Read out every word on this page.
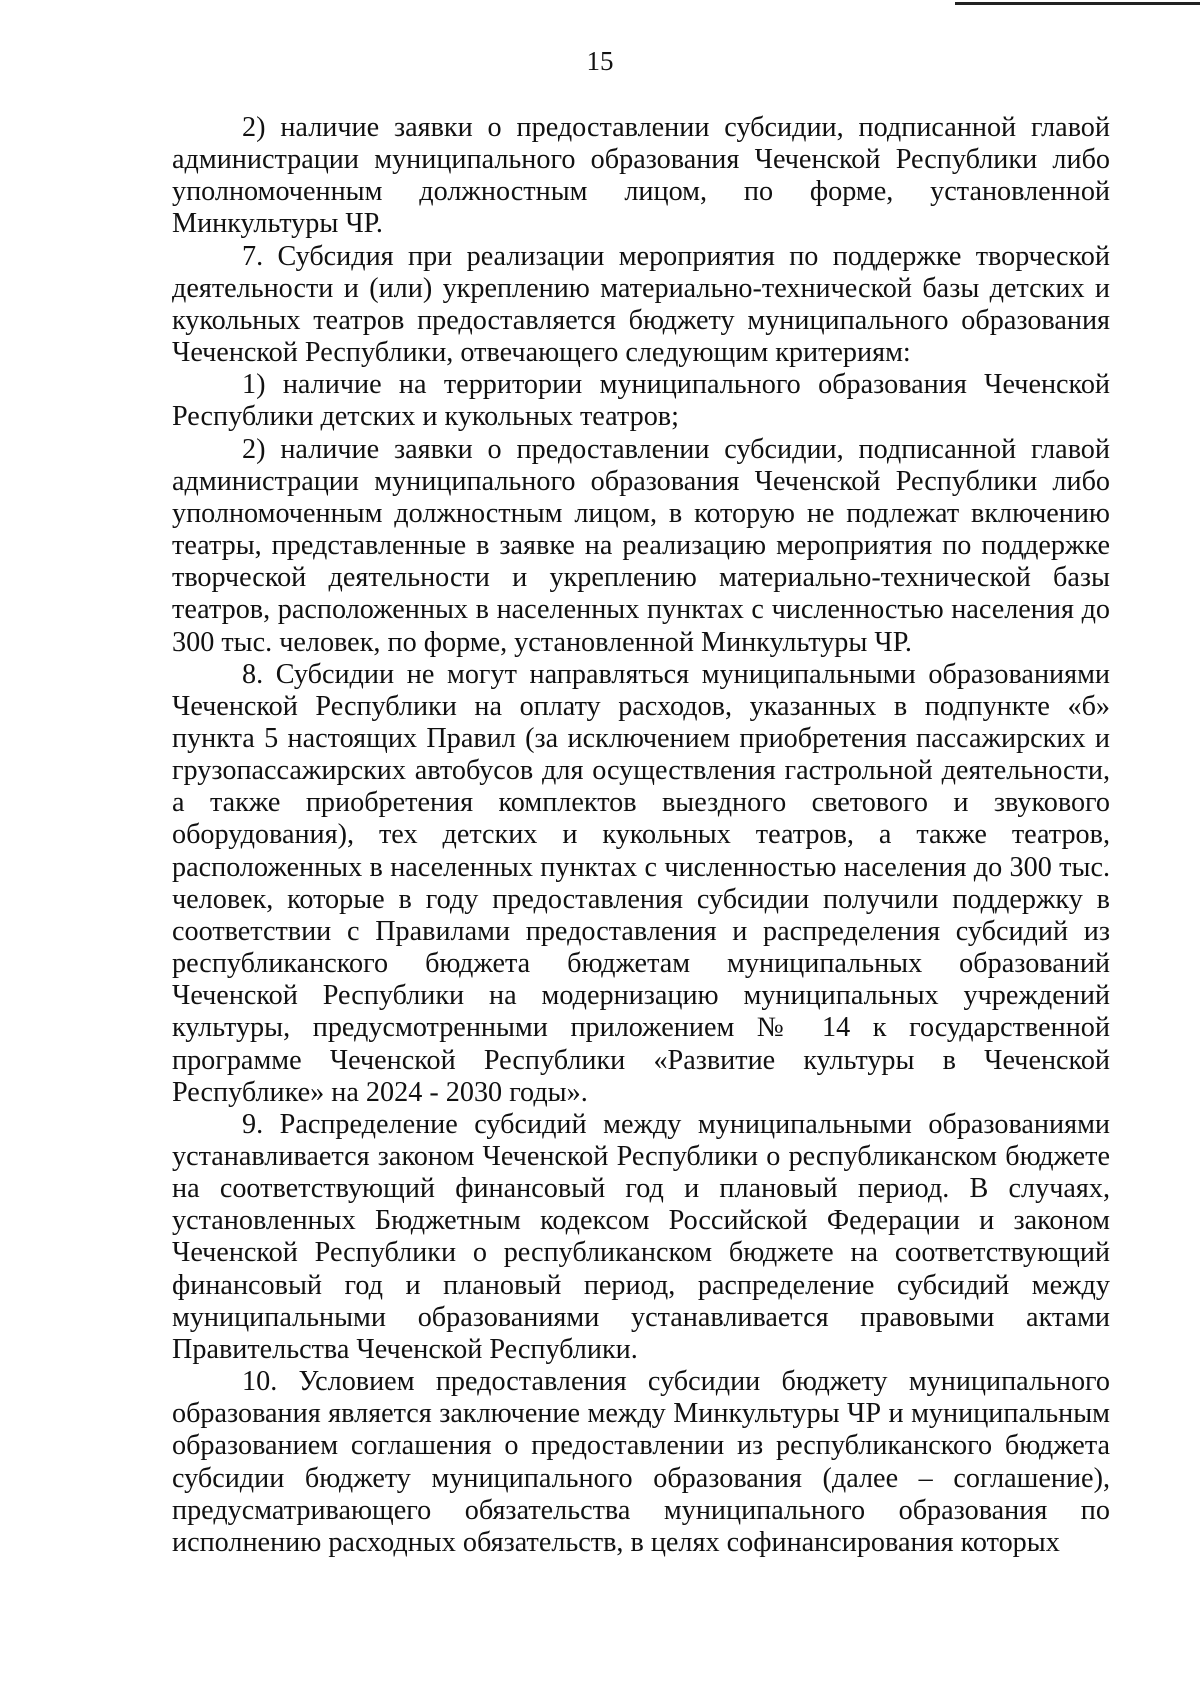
15

2) наличие заявки о предоставлении субсидии, подписанной главой администрации муниципального образования Чеченской Республики либо уполномоченным должностным лицом, по форме, установленной Минкультуры ЧР.

7. Субсидия при реализации мероприятия по поддержке творческой деятельности и (или) укреплению материально-технической базы детских и кукольных театров предоставляется бюджету муниципального образования Чеченской Республики, отвечающего следующим критериям:

1) наличие на территории муниципального образования Чеченской Республики детских и кукольных театров;

2) наличие заявки о предоставлении субсидии, подписанной главой администрации муниципального образования Чеченской Республики либо уполномоченным должностным лицом, в которую не подлежат включению театры, представленные в заявке на реализацию мероприятия по поддержке творческой деятельности и укреплению материально-технической базы театров, расположенных в населенных пунктах с численностью населения до 300 тыс. человек, по форме, установленной Минкультуры ЧР.

8. Субсидии не могут направляться муниципальными образованиями Чеченской Республики на оплату расходов, указанных в подпункте «б» пункта 5 настоящих Правил (за исключением приобретения пассажирских и грузопассажирских автобусов для осуществления гастрольной деятельности, а также приобретения комплектов выездного светового и звукового оборудования), тех детских и кукольных театров, а также театров, расположенных в населенных пунктах с численностью населения до 300 тыс. человек, которые в году предоставления субсидии получили поддержку в соответствии с Правилами предоставления и распределения субсидий из республиканского бюджета бюджетам муниципальных образований Чеченской Республики на модернизацию муниципальных учреждений культуры, предусмотренными приложением № 14 к государственной программе Чеченской Республики «Развитие культуры в Чеченской Республике» на 2024 - 2030 годы».

9. Распределение субсидий между муниципальными образованиями устанавливается законом Чеченской Республики о республиканском бюджете на соответствующий финансовый год и плановый период. В случаях, установленных Бюджетным кодексом Российской Федерации и законом Чеченской Республики о республиканском бюджете на соответствующий финансовый год и плановый период, распределение субсидий между муниципальными образованиями устанавливается правовыми актами Правительства Чеченской Республики.

10. Условием предоставления субсидии бюджету муниципального образования является заключение между Минкультуры ЧР и муниципальным образованием соглашения о предоставлении из республиканского бюджета субсидии бюджету муниципального образования (далее – соглашение), предусматривающего обязательства муниципального образования по исполнению расходных обязательств, в целях софинансирования которых
